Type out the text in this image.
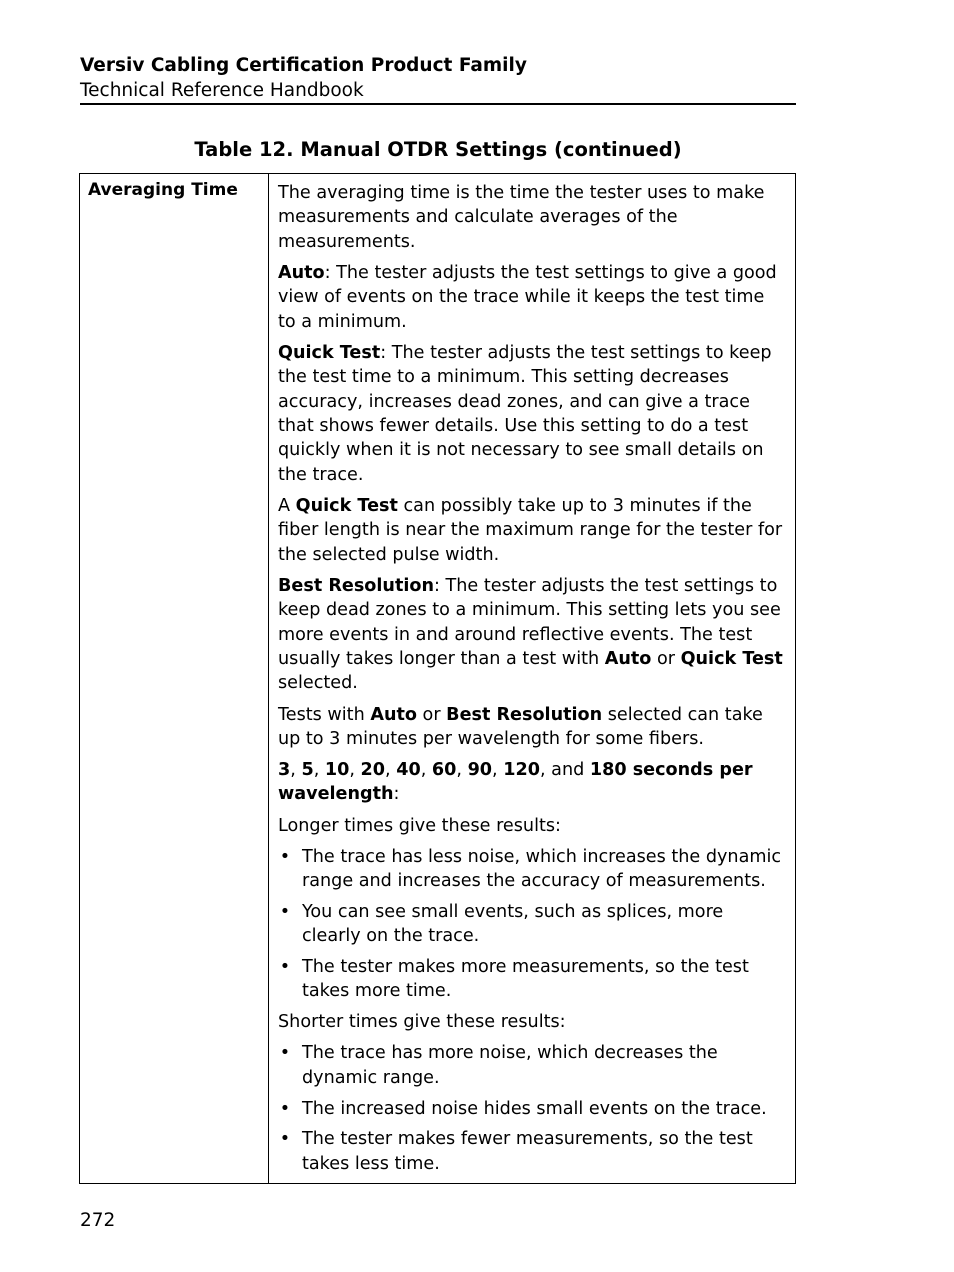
Versiv Cabling Certification Product Family
Technical Reference Handbook
Table 12. Manual OTDR Settings (continued)
Averaging Time	The averaging time is the time the tester uses to make measurements and calculate averages of the measurements.

Auto: The tester adjusts the test settings to give a good view of events on the trace while it keeps the test time to a minimum.

Quick Test: The tester adjusts the test settings to keep the test time to a minimum. This setting decreases accuracy, increases dead zones, and can give a trace that shows fewer details. Use this setting to do a test quickly when it is not necessary to see small details on the trace.

A Quick Test can possibly take up to 3 minutes if the fiber length is near the maximum range for the tester for the selected pulse width.

Best Resolution: The tester adjusts the test settings to keep dead zones to a minimum. This setting lets you see more events in and around reflective events. The test usually takes longer than a test with Auto or Quick Test selected.

Tests with Auto or Best Resolution selected can take up to 3 minutes per wavelength for some fibers.

3, 5, 10, 20, 40, 60, 90, 120, and 180 seconds per wavelength:

Longer times give these results:

• The trace has less noise, which increases the dynamic range and increases the accuracy of measurements.
• You can see small events, such as splices, more clearly on the trace.
• The tester makes more measurements, so the test takes more time.

Shorter times give these results:

• The trace has more noise, which decreases the dynamic range.
• The increased noise hides small events on the trace.
• The tester makes fewer measurements, so the test takes less time.
272
